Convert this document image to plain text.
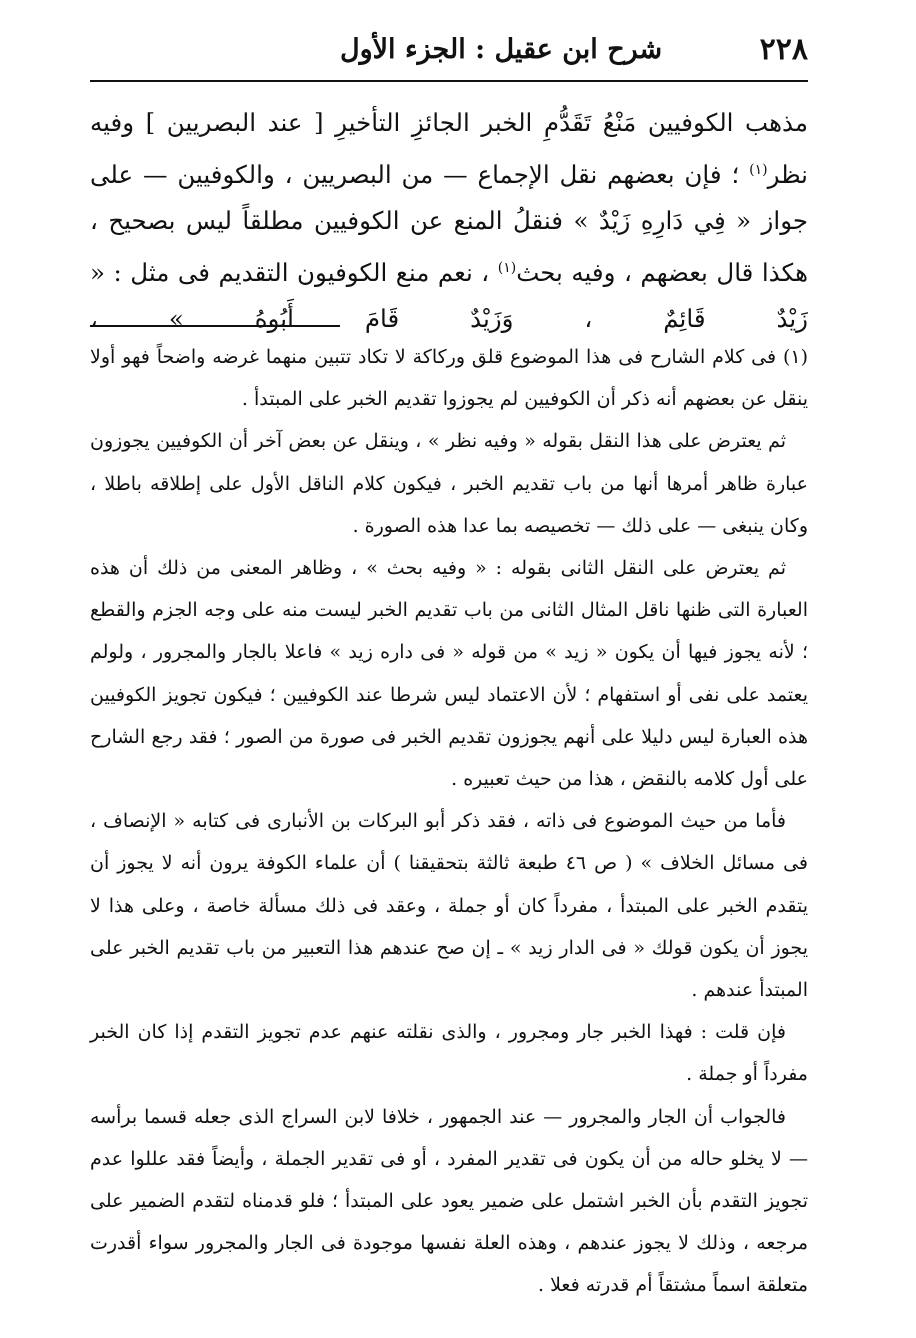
٢٢٨
شرح ابن عقيل : الجزء الأول

مذهب الكوفيين مَنْعُ تَقَدُّمِ الخبر الجائزِ التأخيرِ [ عند البصريين ] وفيه نظر$^{(١)}$ ؛ فإن بعضهم نقل الإجماع — من البصريين ، والكوفيين — على جواز « فِي دَارِهِ زَيْدٌ » فنقلُ المنع عن الكوفيين مطلقاً ليس بصحيح ، هكذا قال بعضهم ، وفيه بحث$^{(١)}$ ، نعم منع الكوفيون التقديم فى مثل : « زَيْدٌ قَائِمٌ ، وَزَيْدٌ قَامَ أَبُوهُ » ،

(١) فى كلام الشارح فى هذا الموضوع قلق وركاكة لا تكاد تتبين منهما غرضه واضحاً فهو أولا ينقل عن بعضهم أنه ذكر أن الكوفيين لم يجوزوا تقديم الخبر على المبتدأ .

ثم يعترض على هذا النقل بقوله « وفيه نظر » ، وينقل عن بعض آخر أن الكوفيين يجوزون عبارة ظاهر أمرها أنها من باب تقديم الخبر ، فيكون كلام الناقل الأول على إطلاقه باطلا ، وكان ينبغى — على ذلك — تخصيصه بما عدا هذه الصورة .

ثم يعترض على النقل الثانى بقوله : « وفيه بحث » ، وظاهر المعنى من ذلك أن هذه العبارة التى ظنها ناقل المثال الثانى من باب تقديم الخبر ليست منه على وجه الجزم والقطع ؛ لأنه يجوز فيها أن يكون « زيد » من قوله « فى داره زيد » فاعلا بالجار والمجرور ، ولولم يعتمد على نفى أو استفهام ؛ لأن الاعتماد ليس شرطا عند الكوفيين ؛ فيكون تجويز الكوفيين هذه العبارة ليس دليلا على أنهم يجوزون تقديم الخبر فى صورة من الصور ؛ فقد رجع الشارح على أول كلامه بالنقض ، هذا من حيث تعبيره .

فأما من حيث الموضوع فى ذاته ، فقد ذكر أبو البركات بن الأنبارى فى كتابه « الإنصاف ، فى مسائل الخلاف » ( ص ٤٦ طبعة ثالثة بتحقيقنا ) أن علماء الكوفة يرون أنه لا يجوز أن يتقدم الخبر على المبتدأ ، مفرداً كان أو جملة ، وعقد فى ذلك مسألة خاصة ، وعلى هذا لا يجوز أن يكون قولك « فى الدار زيد » ـ إن صح عندهم هذا التعبير من باب تقديم الخبر على المبتدأ عندهم .

فإن قلت : فهذا الخبر جار ومجرور ، والذى نقلته عنهم عدم تجويز التقدم إذا كان الخبر مفرداً أو جملة .

فالجواب أن الجار والمجرور — عند الجمهور ، خلافا لابن السراج الذى جعله قسما برأسه — لا يخلو حاله من أن يكون فى تقدير المفرد ، أو فى تقدير الجملة ، وأيضاً فقد عللوا عدم تجويز التقدم بأن الخبر اشتمل على ضمير يعود على المبتدأ ؛ فلو قدمناه لتقدم الضمير على مرجعه ، وذلك لا يجوز عندهم ، وهذه العلة نفسها موجودة فى الجار والمجرور سواء أقدرت متعلقة اسماً مشتقاً أم قدرته فعلا .
